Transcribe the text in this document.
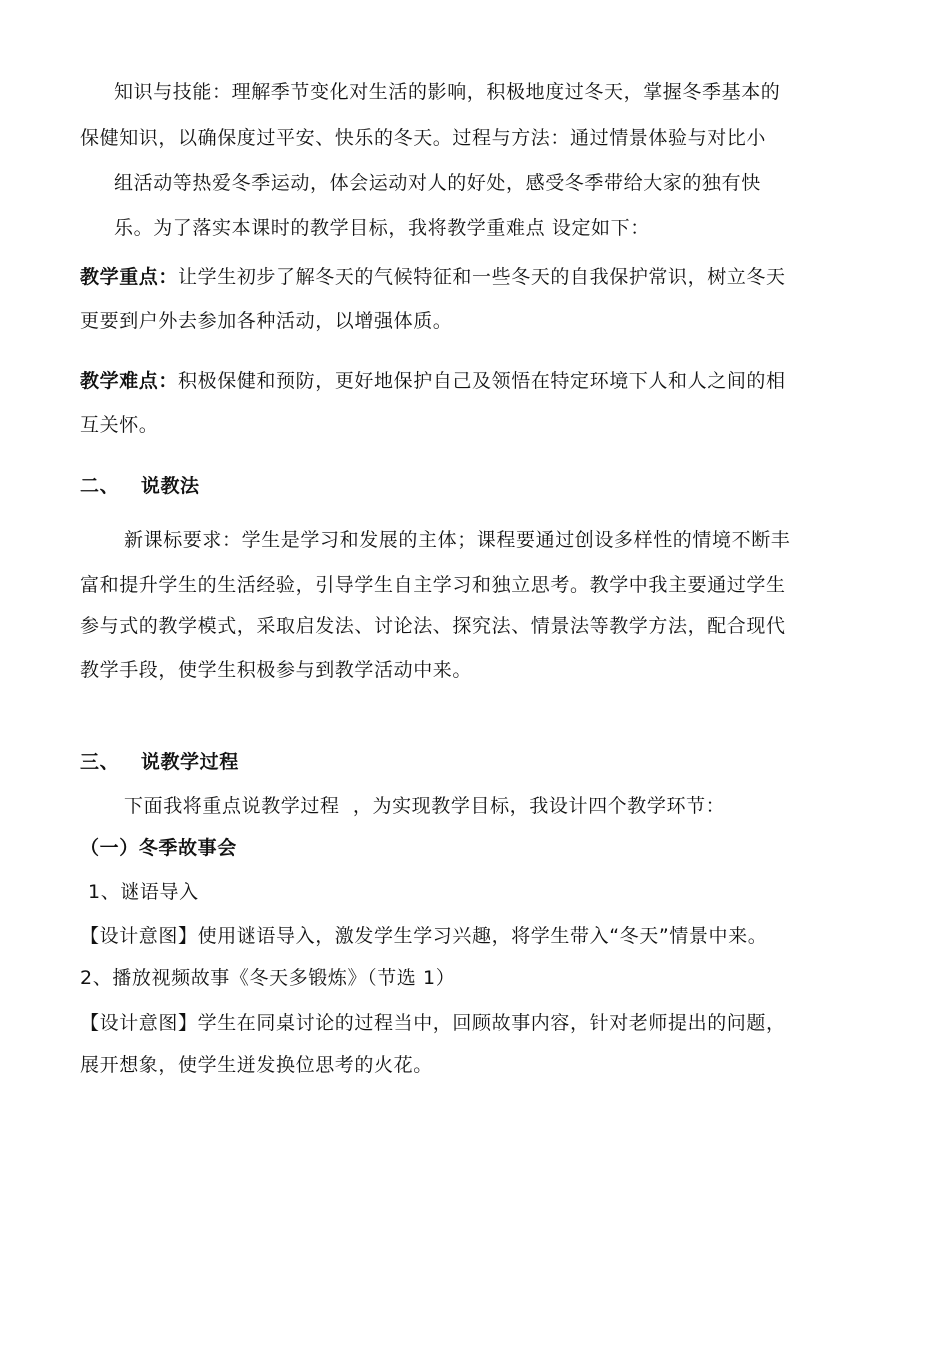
知识与技能：理解季节变化对生活的影响，积极地度过冬天，掌握冬季基本的
保健知识，以确保度过平安、快乐的冬天。过程与方法：通过情景体验与对比小
组活动等热爱冬季运动，体会运动对人的好处，感受冬季带给大家的独有快
乐。为了落实本课时的教学目标，我将教学重难点 设定如下：
教学重点：让学生初步了解冬天的气候特征和一些冬天的自我保护常识，树立冬天
更要到户外去参加各种活动，以增强体质。
教学难点：积极保健和预防，更好地保护自己及领悟在特定环境下人和人之间的相
互关怀。
二、   说教法
新课标要求：学生是学习和发展的主体；课程要通过创设多样性的情境不断丰
富和提升学生的生活经验，引导学生自主学习和独立思考。教学中我主要通过学生
参与式的教学模式，采取启发法、讨论法、探究法、情景法等教学方法，配合现代
教学手段，使学生积极参与到教学活动中来。
三、   说教学过程
下面我将重点说教学过程  ，为实现教学目标，我设计四个教学环节：
（一）冬季故事会
1、谜语导入
【设计意图】使用谜语导入，激发学生学习兴趣，将学生带入“冬天”情景中来。
2、播放视频故事《冬天多锻炼》（节选 1）
【设计意图】学生在同桌讨论的过程当中，回顾故事内容，针对老师提出的问题，
展开想象，使学生迸发换位思考的火花。
